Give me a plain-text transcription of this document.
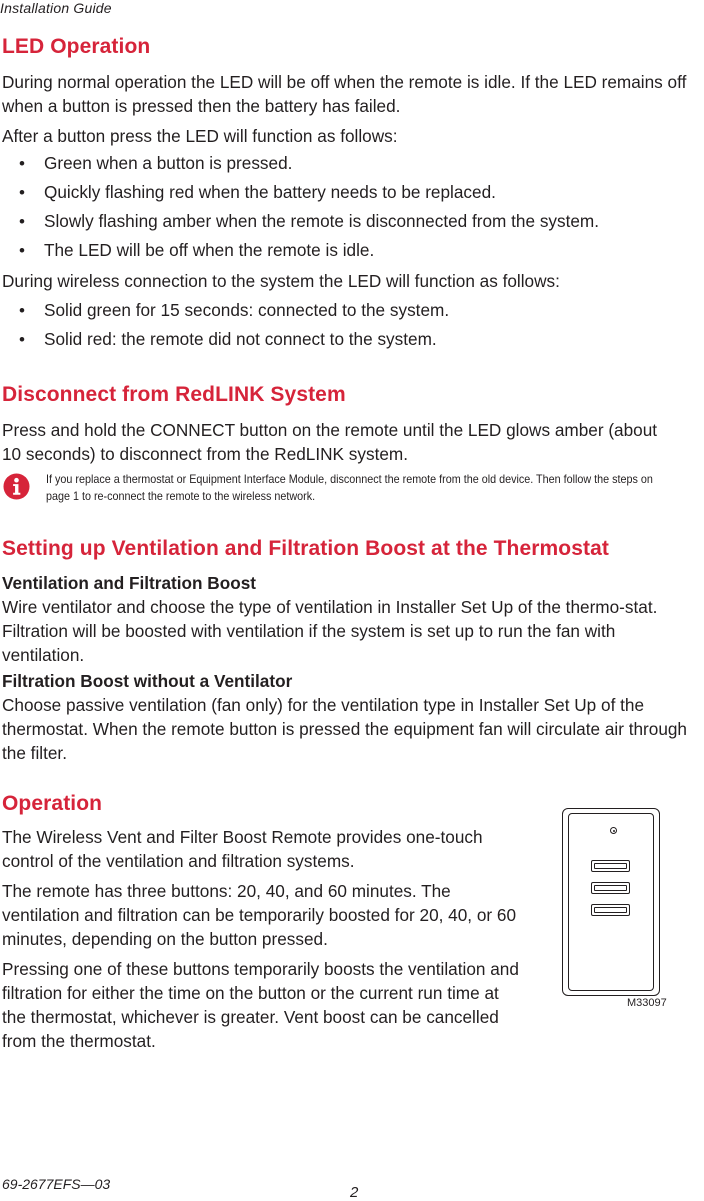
Installation Guide
LED Operation

During normal operation the LED will be off when the remote is idle. If the LED remains off when a button is pressed then the battery has failed.

After a button press the LED will function as follows:

• Green when a button is pressed.
• Quickly flashing red when the battery needs to be replaced.
• Slowly flashing amber when the remote is disconnected from the system.
• The LED will be off when the remote is idle.

During wireless connection to the system the LED will function as follows:

• Solid green for 15 seconds: connected to the system.
• Solid red: the remote did not connect to the system.
Disconnect from RedLINK System

Press and hold the CONNECT button on the remote until the LED glows amber (about 10 seconds) to disconnect from the RedLINK system.

If you replace a thermostat or Equipment Interface Module, disconnect the remote from the old device. Then follow the steps on page 1 to re-connect the remote to the wireless network.

Setting up Ventilation and Filtration Boost at the Thermostat

Ventilation and Filtration Boost
Wire ventilator and choose the type of ventilation in Installer Set Up of the thermo-stat. Filtration will be boosted with ventilation if the system is set up to run the fan with ventilation.

Filtration Boost without a Ventilator
Choose passive ventilation (fan only) for the ventilation type in Installer Set Up of the thermostat. When the remote button is pressed the equipment fan will circulate air through the filter.

Operation

The Wireless Vent and Filter Boost Remote provides one-touch control of the ventilation and filtration systems.

The remote has three buttons: 20, 40, and 60 minutes. The ventilation and filtration can be temporarily boosted for 20, 40, or 60 minutes, depending on the button pressed.

Pressing one of these buttons temporarily boosts the ventilation and filtration for either the time on the button or the current run time at the thermostat, whichever is greater. Vent boost can be cancelled from the thermostat.

M33097
69-2677EFS—03	2
